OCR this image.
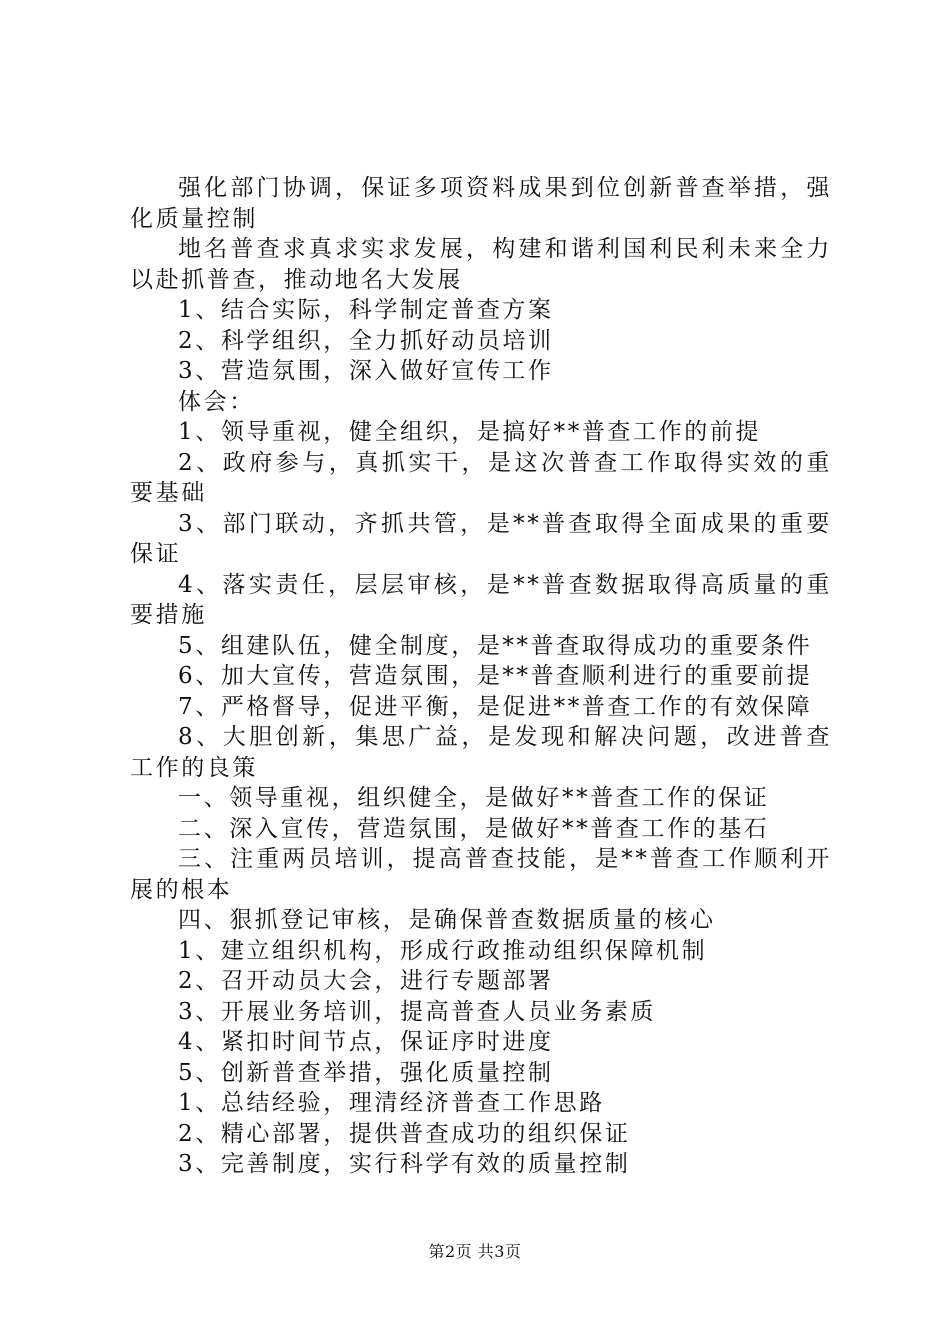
强化部门协调，保证多项资料成果到位创新普查举措，强化质量控制

地名普查求真求实求发展，构建和谐利国利民利未来全力以赴抓普查，推动地名大发展

1、结合实际，科学制定普查方案

2、科学组织，全力抓好动员培训

3、营造氛围，深入做好宣传工作

体会：

1、领导重视，健全组织，是搞好**普查工作的前提

2、政府参与，真抓实干，是这次普查工作取得实效的重要基础

3、部门联动，齐抓共管，是**普查取得全面成果的重要保证

4、落实责任，层层审核，是**普查数据取得高质量的重要措施

5、组建队伍，健全制度，是**普查取得成功的重要条件

6、加大宣传，营造氛围，是**普查顺利进行的重要前提

7、严格督导，促进平衡，是促进**普查工作的有效保障

8、大胆创新，集思广益，是发现和解决问题，改进普查工作的良策

一、领导重视，组织健全，是做好**普查工作的保证

二、深入宣传，营造氛围，是做好**普查工作的基石

三、注重两员培训，提高普查技能，是**普查工作顺利开展的根本

四、狠抓登记审核，是确保普查数据质量的核心

1、建立组织机构，形成行政推动组织保障机制

2、召开动员大会，进行专题部署

3、开展业务培训，提高普查人员业务素质

4、紧扣时间节点，保证序时进度

5、创新普查举措，强化质量控制

1、总结经验，理清经济普查工作思路

2、精心部署，提供普查成功的组织保证

3、完善制度，实行科学有效的质量控制

第2页 共3页
